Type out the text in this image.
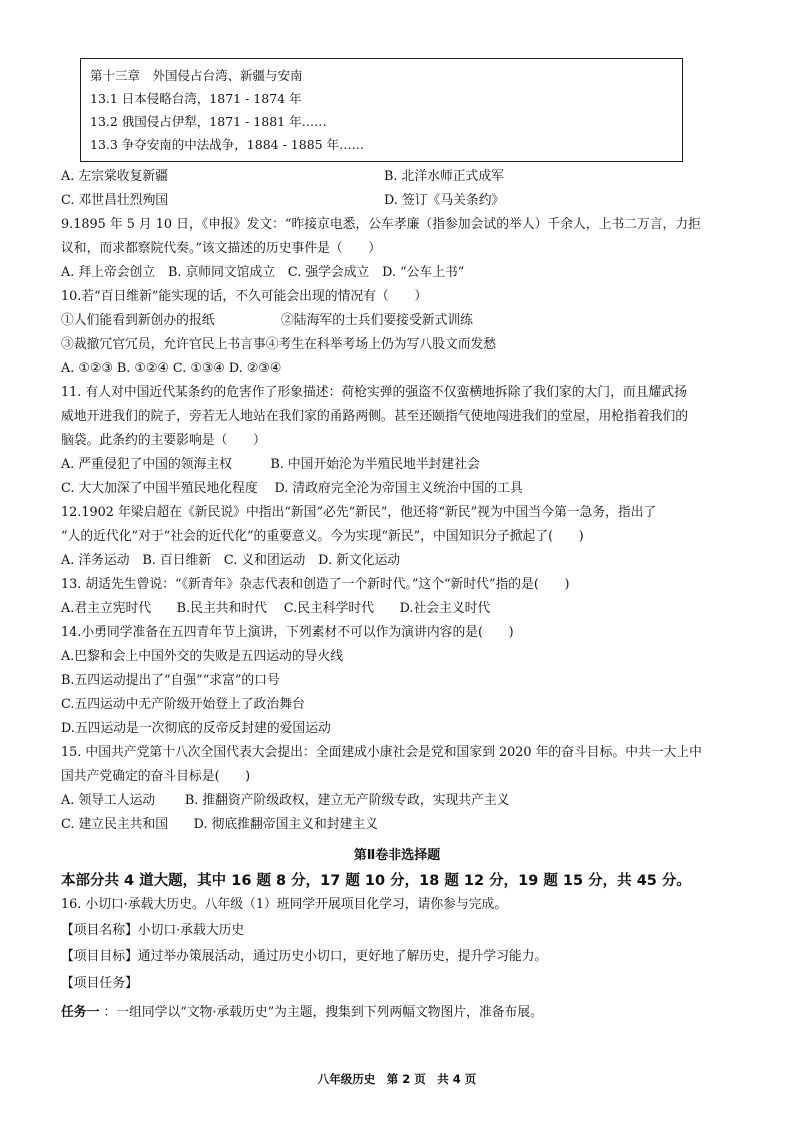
第十三章　外国侵占台湾、新疆与安南
13.1 日本侵略台湾，1871 - 1874 年
13.2 俄国侵占伊犁，1871 - 1881 年……
13.3 争夺安南的中法战争，1884 - 1885 年……
A. 左宗棠收复新疆	B. 北洋水师正式成军
C. 邓世昌壮烈殉国	D. 签订《马关条约》
9.1895 年 5 月 10 日，《申报》发文：“昨接京电悉，公车孝廉（指参加会试的举人）千余人，上书二万言，力拒
议和，而求都察院代奏。”该文描述的历史事件是（　　）
A. 拜上帝会创立　B. 京师同文馆成立　C. 强学会成立　D. “公车上书”
10.若“百日维新”能实现的话，不久可能会出现的情况有（　　）
①人们能看到新创办的报纸	②陆海军的士兵们要接受新式训练
③裁撤冗官冗员，允许官民上书言事④考生在科举考场上仍为写八股文而发愁
A. ①②③ B. ①②④ C. ①③④ D. ②③④
11. 有人对中国近代某条约的危害作了形象描述：荷枪实弹的强盗不仅蛮横地拆除了我们家的大门，而且耀武扬
威地开进我们的院子，旁若无人地站在我们家的甬路两侧。甚至还颐指气使地闯进我们的堂屋，用枪指着我们的
脑袋。此条约的主要影响是（　　）
A. 严重侵犯了中国的领海主权　　　B. 中国开始沦为半殖民地半封建社会
C. 大大加深了中国半殖民地化程度　 D. 清政府完全沦为帝国主义统治中国的工具
12.1902 年梁启超在《新民说》中指出“新国”必先“新民”，他还将“新民”视为中国当今第一急务，指出了
“人的近代化”对于“社会的近代化”的重要意义。今为实现“新民”，中国知识分子掀起了(　　)
A. 洋务运动　B. 百日维新　C. 义和团运动　D. 新文化运动
13. 胡适先生曾说：“《新青年》杂志代表和创造了一个新时代。”这个“新时代”指的是(　　)
A.君主立宪时代　　B.民主共和时代　 C.民主科学时代　　D.社会主义时代
14.小勇同学准备在五四青年节上演讲，下列素材不可以作为演讲内容的是(　　)
A.巴黎和会上中国外交的失败是五四运动的导火线
B.五四运动提出了“自强”“求富”的口号
C.五四运动中无产阶级开始登上了政治舞台
D.五四运动是一次彻底的反帝反封建的爱国运动
15. 中国共产党第十八次全国代表大会提出：全面建成小康社会是党和国家到 2020 年的奋斗目标。中共一大上中
国共产党确定的奋斗目标是(　　)
A. 领导工人运动　　 B. 推翻资产阶级政权，建立无产阶级专政，实现共产主义
C. 建立民主共和国　　D. 彻底推翻帝国主义和封建主义
第Ⅱ卷非选择题
本部分共 4 道大题，其中 16 题 8 分，17 题 10 分，18 题 12 分，19 题 15 分，共 45 分。
16. 小切口·承载大历史。八年级（1）班同学开展项目化学习，请你参与完成。
【项目名称】小切口·承载大历史
【项目目标】通过举办策展活动，通过历史小切口，更好地了解历史，提升学习能力。
【项目任务】
任务一 ：一组同学以“文物·承载历史”为主题，搜集到下列两幅文物图片，准备布展。
八年级历史　第 2 页　共 4 页
